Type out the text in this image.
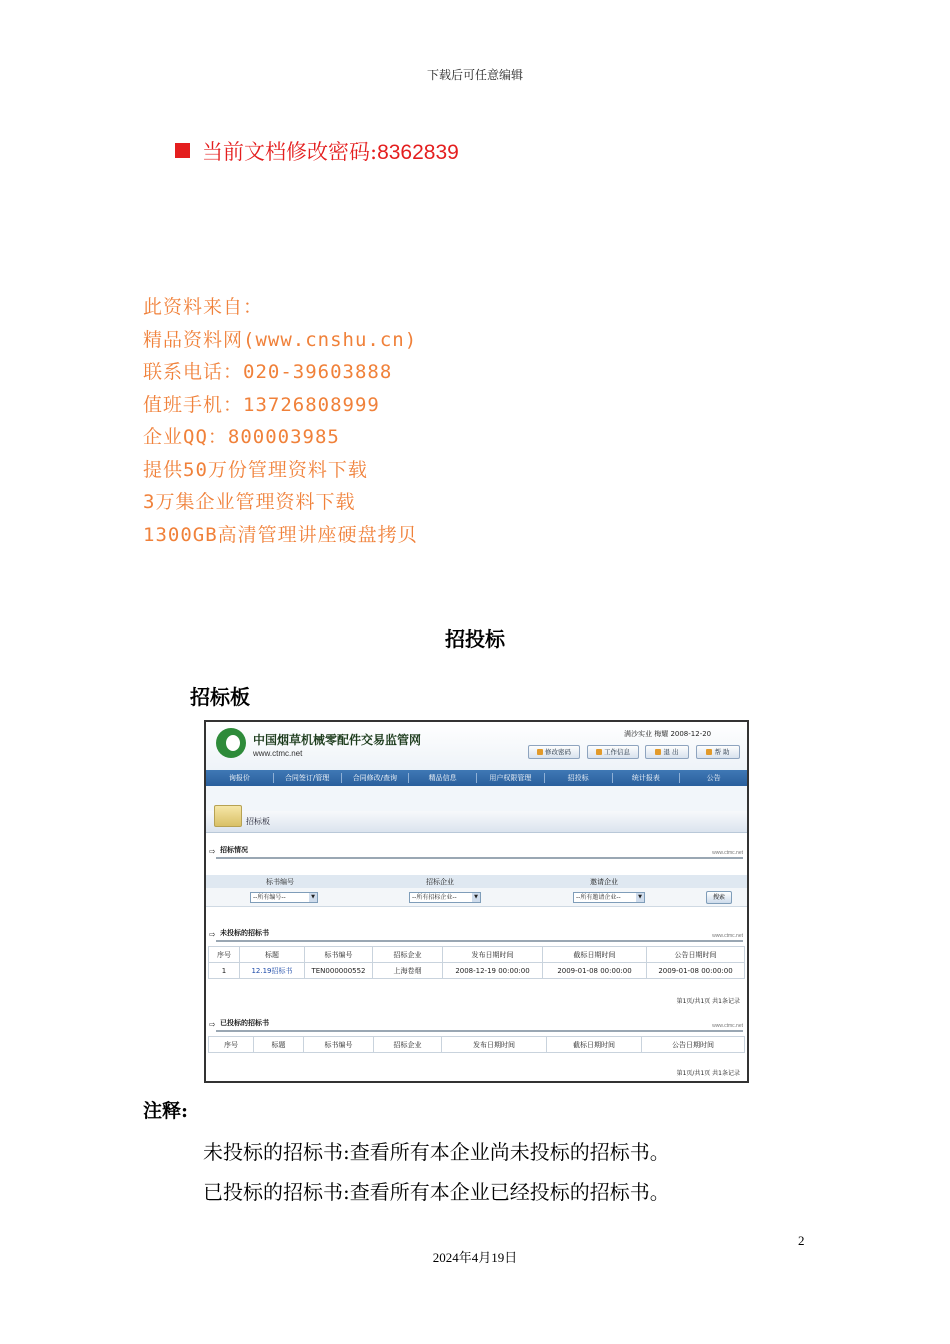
下载后可任意编辑
当前文档修改密码:8362839
此资料来自：
精品资料网(www.cnshu.cn)
联系电话：020-39603888
值班手机：13726808999
企业QQ：800003985
提供50万份管理资料下载
3万集企业管理资料下载
1300GB高清管理讲座硬盘拷贝
招投标
招标板
中国烟草机械零配件交易监管网
www.ctmc.net
满沙实业 梅耀 2008-12-20
修改密码	工作信息	退 出	帮 助
询报价	合同签订/管理	合同修改/查询	精品信息	用户权限管理	招投标	统计报表	公告
招标板
⇨ 招标情况	www.ctmc.net
标书编号	招标企业	邀请企业
--所有编号--	▼	--所有招标企业--	▼	--所有邀请企业--	▼	搜索
⇨ 未投标的招标书	www.ctmc.net
序号	标题	标书编号	招标企业	发布日期时间	截标日期时间	公告日期时间
1	12.19招标书	TEN000000552	上海卷烟	2008-12-19 00:00:00	2009-01-08 00:00:00	2009-01-08 00:00:00
第1页/共1页 共1条记录
⇨ 已投标的招标书	www.ctmc.net
序号	标题	标书编号	招标企业	发布日期时间	截标日期时间	公告日期时间
第1页/共1页 共1条记录
注释:
未投标的招标书:查看所有本企业尚未投标的招标书。
已投标的招标书:查看所有本企业已经投标的招标书。
2
2024年4月19日
